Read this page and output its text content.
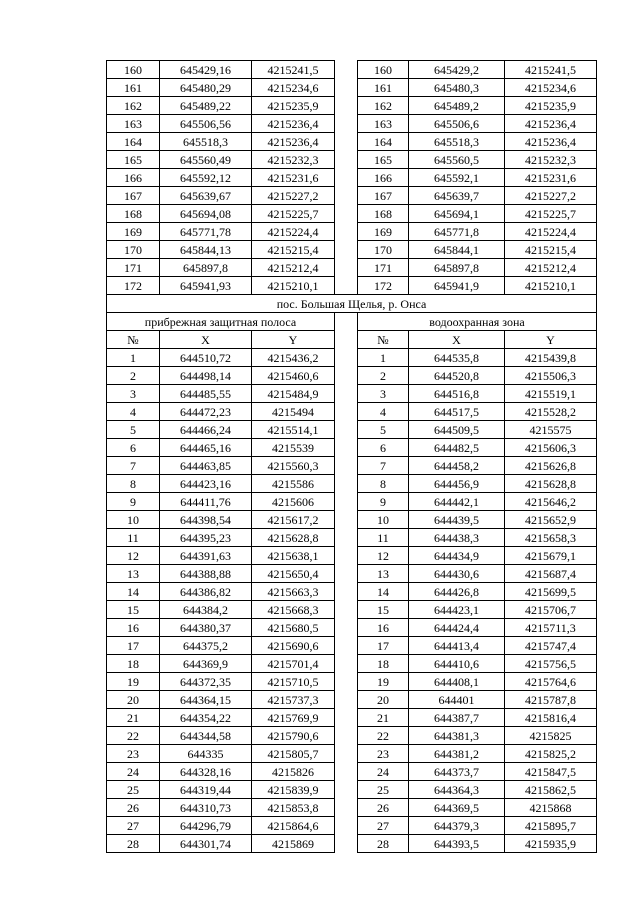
160	645429,16	4215241,5		160	645429,2	4215241,5
161	645480,29	4215234,6		161	645480,3	4215234,6
162	645489,22	4215235,9		162	645489,2	4215235,9
163	645506,56	4215236,4		163	645506,6	4215236,4
164	645518,3	4215236,4		164	645518,3	4215236,4
165	645560,49	4215232,3		165	645560,5	4215232,3
166	645592,12	4215231,6		166	645592,1	4215231,6
167	645639,67	4215227,2		167	645639,7	4215227,2
168	645694,08	4215225,7		168	645694,1	4215225,7
169	645771,78	4215224,4		169	645771,8	4215224,4
170	645844,13	4215215,4		170	645844,1	4215215,4
171	645897,8	4215212,4		171	645897,8	4215212,4
172	645941,93	4215210,1		172	645941,9	4215210,1
пос. Большая Щелья, р. Онса						
прибрежная защитная полоса				водоохранная зона		
№	X	Y		№	X	Y
1	644510,72	4215436,2		1	644535,8	4215439,8
2	644498,14	4215460,6		2	644520,8	4215506,3
3	644485,55	4215484,9		3	644516,8	4215519,1
4	644472,23	4215494		4	644517,5	4215528,2
5	644466,24	4215514,1		5	644509,5	4215575
6	644465,16	4215539		6	644482,5	4215606,3
7	644463,85	4215560,3		7	644458,2	4215626,8
8	644423,16	4215586		8	644456,9	4215628,8
9	644411,76	4215606		9	644442,1	4215646,2
10	644398,54	4215617,2		10	644439,5	4215652,9
11	644395,23	4215628,8		11	644438,3	4215658,3
12	644391,63	4215638,1		12	644434,9	4215679,1
13	644388,88	4215650,4		13	644430,6	4215687,4
14	644386,82	4215663,3		14	644426,8	4215699,5
15	644384,2	4215668,3		15	644423,1	4215706,7
16	644380,37	4215680,5		16	644424,4	4215711,3
17	644375,2	4215690,6		17	644413,4	4215747,4
18	644369,9	4215701,4		18	644410,6	4215756,5
19	644372,35	4215710,5		19	644408,1	4215764,6
20	644364,15	4215737,3		20	644401	4215787,8
21	644354,22	4215769,9		21	644387,7	4215816,4
22	644344,58	4215790,6		22	644381,3	4215825
23	644335	4215805,7		23	644381,2	4215825,2
24	644328,16	4215826		24	644373,7	4215847,5
25	644319,44	4215839,9		25	644364,3	4215862,5
26	644310,73	4215853,8		26	644369,5	4215868
27	644296,79	4215864,6		27	644379,3	4215895,7
28	644301,74	4215869		28	644393,5	4215935,9
